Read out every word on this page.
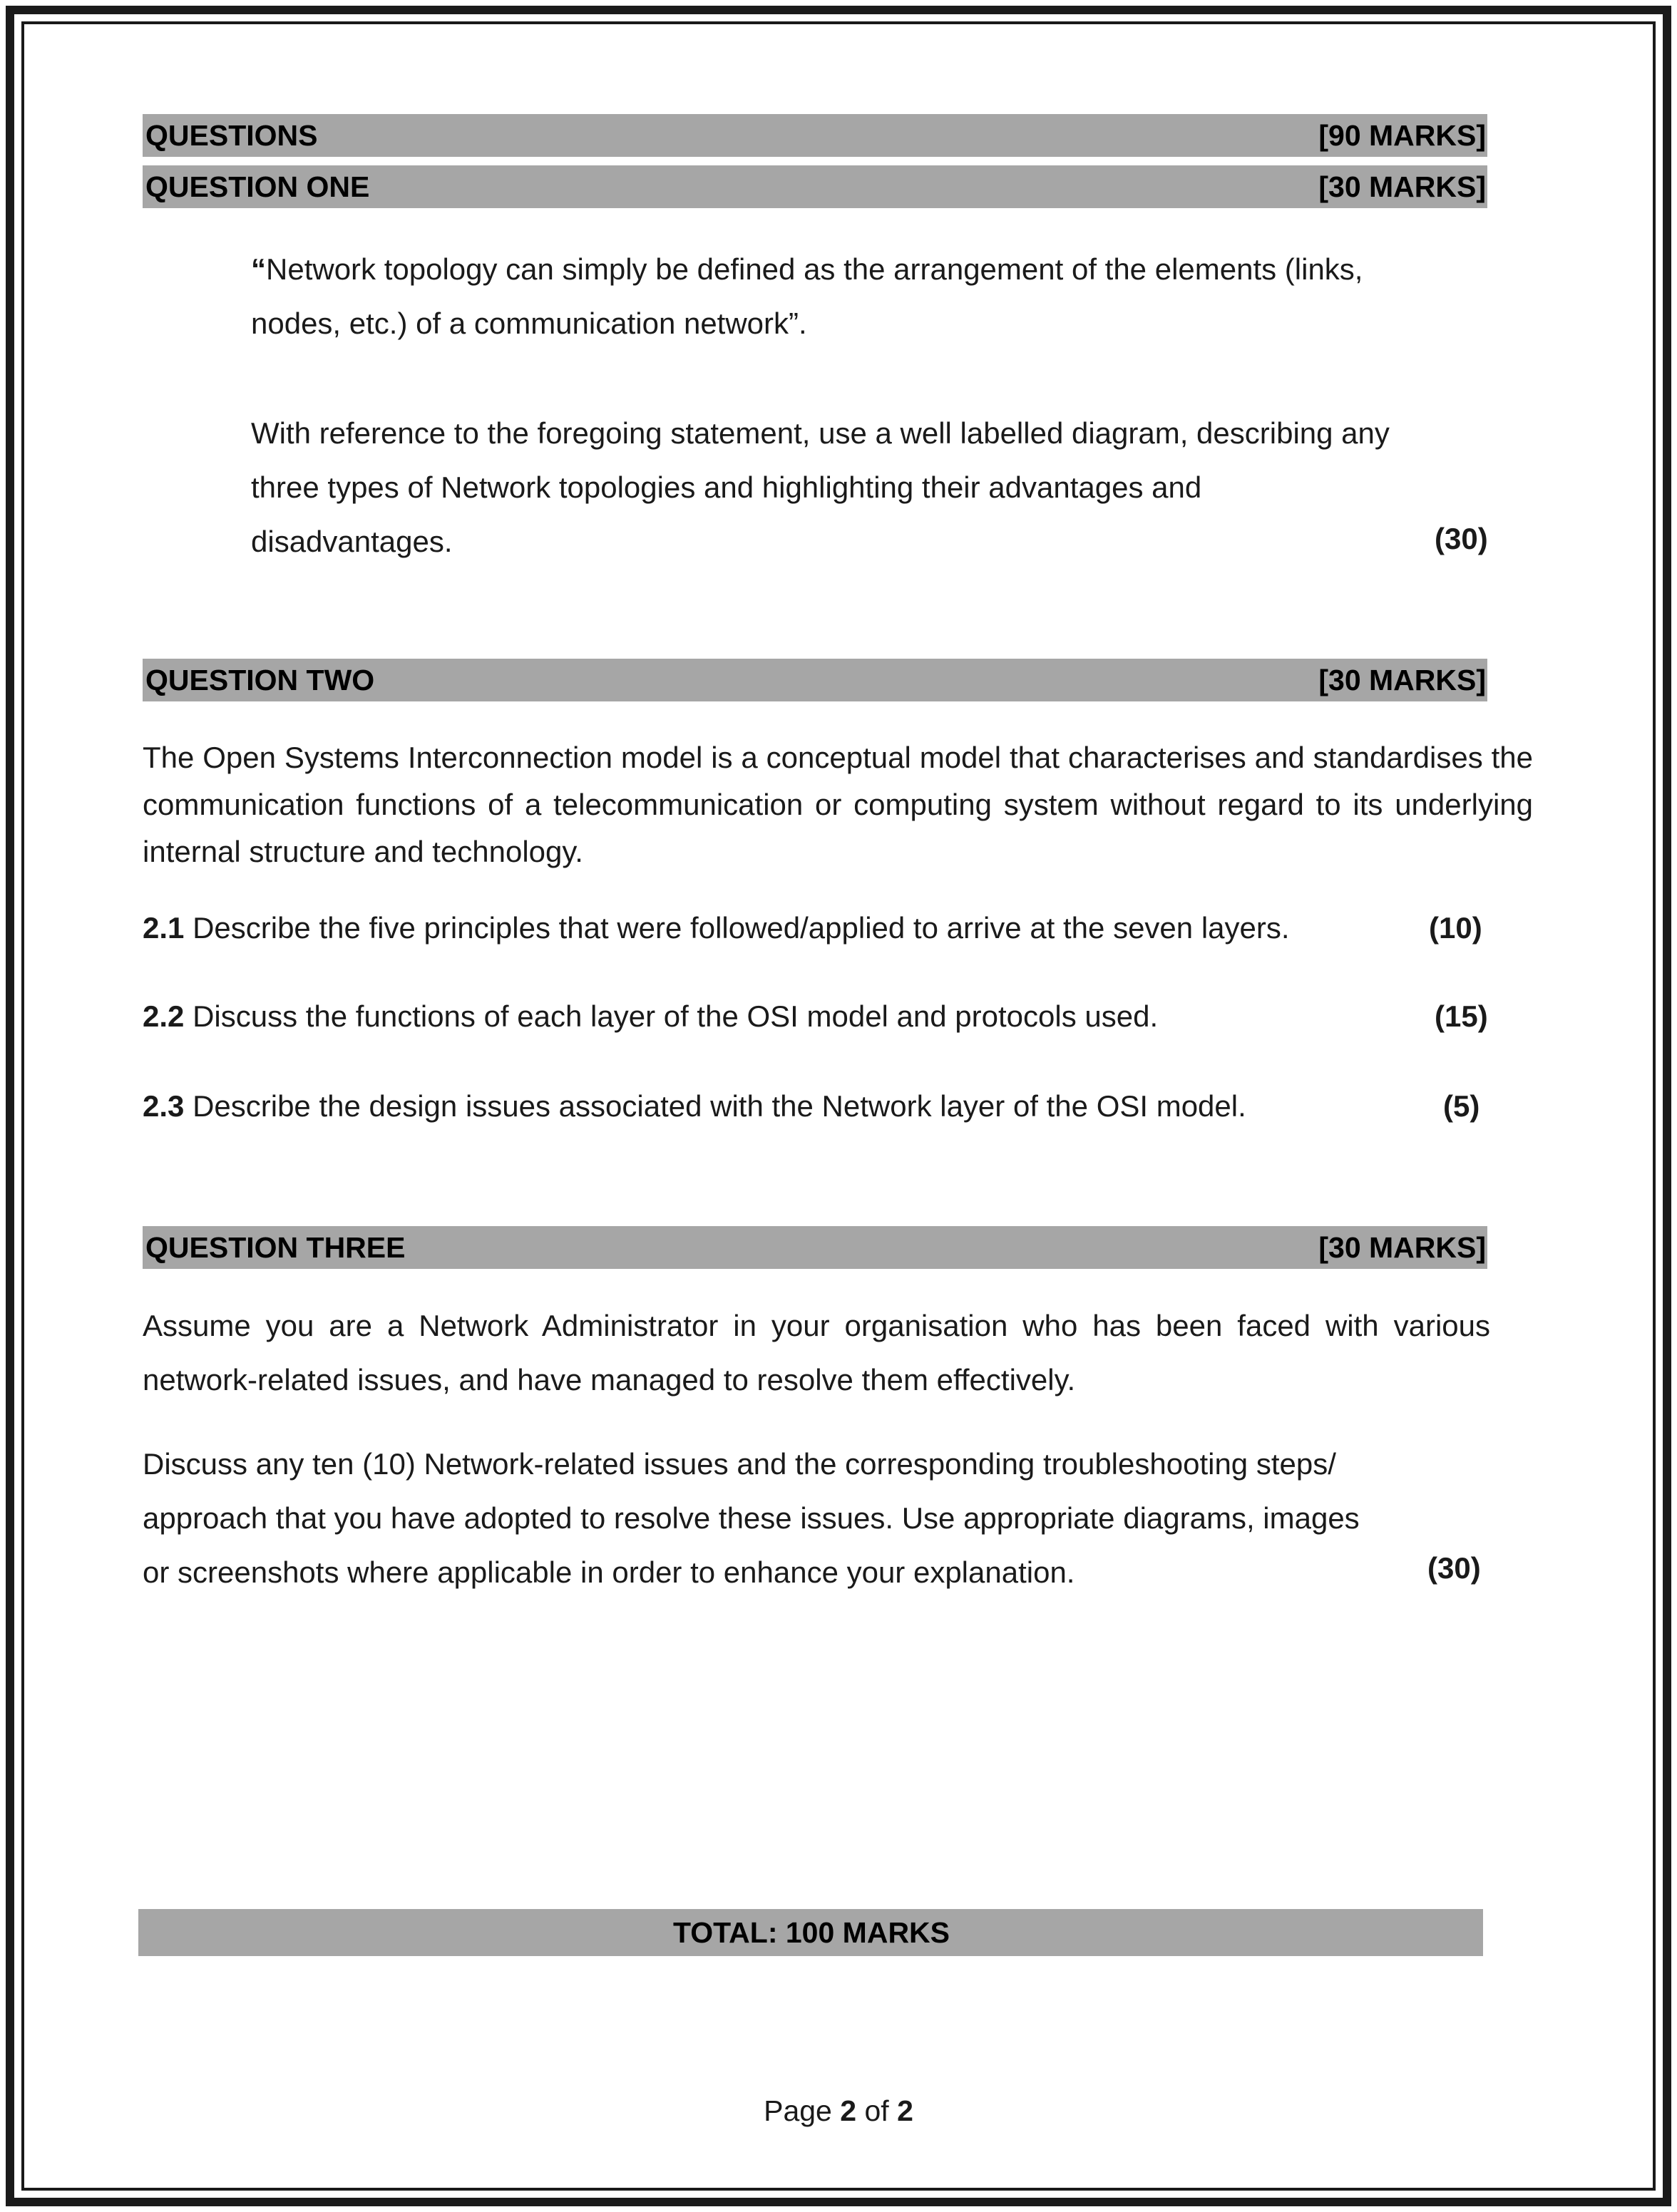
QUESTIONS	[90 MARKS]
QUESTION ONE	[30 MARKS]
“Network topology can simply be defined as the arrangement of the elements (links,
nodes, etc.) of a communication network”.
With reference to the foregoing statement, use a well labelled diagram, describing any
three types of Network topologies and highlighting their advantages and
disadvantages.	(30)
QUESTION TWO	[30 MARKS]

The Open Systems Interconnection model is a conceptual model that characterises and standardises the communication functions of a telecommunication or computing system without regard to its underlying internal structure and technology.

2.1 Describe the five principles that were followed/applied to arrive at the seven layers.	(10)
2.2 Discuss the functions of each layer of the OSI model and protocols used.	(15)
2.3 Describe the design issues associated with the Network layer of the OSI model.	(5)
QUESTION THREE	[30 MARKS]

Assume you are a Network Administrator in your organisation who has been faced with various network-related issues, and have managed to resolve them effectively.

Discuss any ten (10) Network-related issues and the corresponding troubleshooting steps/
approach that you have adopted to resolve these issues. Use appropriate diagrams, images
or screenshots where applicable in order to enhance your explanation.	(30)
TOTAL: 100 MARKS
Page 2 of 2
